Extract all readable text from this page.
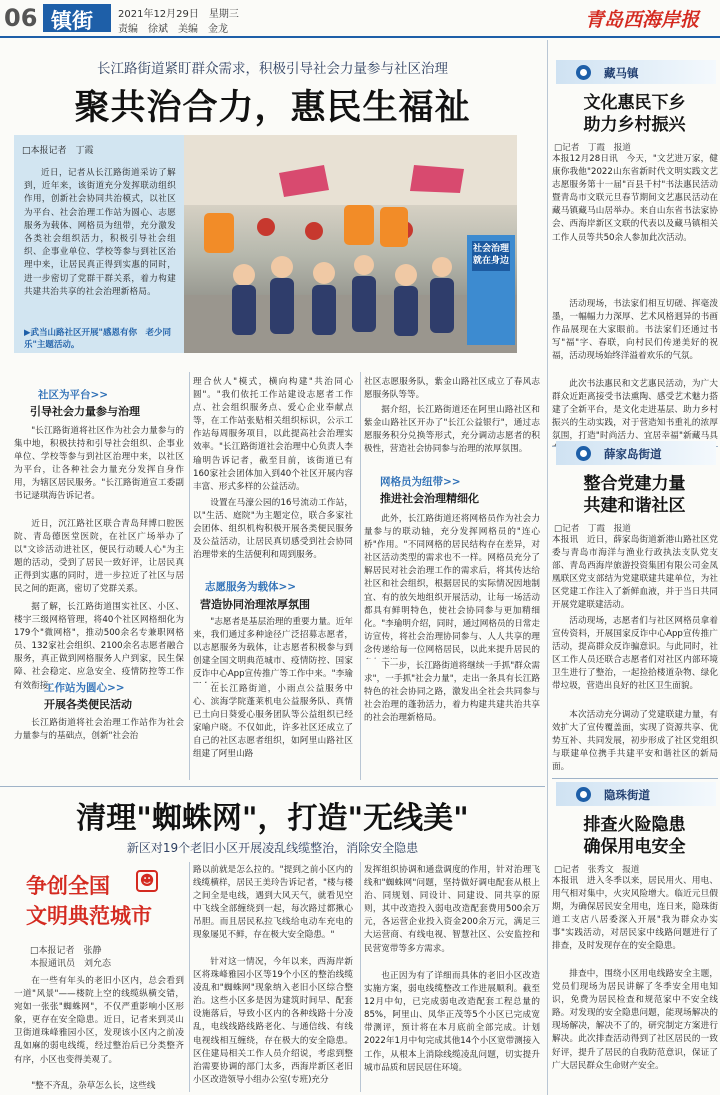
06 镇街	2021年12月29日　 星期三
责编　徐斌　美编　金龙	青岛西海岸报
长江路街道紧盯群众需求，积极引导社会力量参与社区治理
聚共治合力，惠民生福祉
□本报记者　丁霞

近日，记者从长江路街道采访了解到，近年来，该街道充分发挥联动组织作用，创新社会协同共治模式，以社区为平台、社会治理工作站为圆心、志愿服务为载体、网格员为纽带，充分激发各类社会组织活力，积极引导社会组织、企事业单位、学校等参与到社区治理中来，让居民真正得到实惠的同时，进一步密切了党群干群关系，着力构建共建共治共享的社会治理新格局。

▶武当山路社区开展"感恩有你　老少同乐"主题活动。

社会治理就在身边
社区为平台>>
引导社会力量参与治理

"长江路街道将社区作为社会力量参与的集中地，积极扶持和引导社会组织、企事业单位、学校等参与到社区治理中来，以社区为平台，让各种社会力量充分发挥自身作用，为辖区居民服务。"长江路街道宣工委副书记逯琪海告诉记者。

近日，沉江路社区联合青岛拜博口腔医院、青岛德医堂医院，在社区广场举办了以"文诊活动进社区，便民行动暖人心"为主题的活动，受到了居民一致好评，让居民真正得到实惠的同时，进一步拉近了社区与居民之间的距离，密切了党群关系。

据了解，长江路街道围实社区、小区、楼宇三级网格管理，将40个社区网格细化为179个"微网格"，推动500余名专兼职网格员、132家社会组织、2100余名志愿者融合服务，真正做到网格服务人户到家，民生保障、社会稳定、应急安全、疫情防控等工作有效衔接。

工作站为圆心>>
开展各类便民活动

长江路街道将社会治理工作站作为社会力量参与的基础点，创新"社会治

理合伙人"模式，横向构建"共治同心圆"。"我们依托工作站建设志愿者工作点、社会组织服务点、爱心企业奉献点等，在工作站张贴相关组织标识，公示工作站每周服务项目，以此提高社会治理实效率。"长江路街道社会治理中心负责人李瑜明告诉记者，截至目前，该街道已有160家社会团体加入到40个社区开展内容丰富、形式多样的公益活动。

设置在马濠公园的16号流动工作站，以"生活、庭院"为主题定位，联合多家社会团体、组织机构积极开展各类便民服务及公益活动，让居民真切感受到社会协同治理带来的生活便利和周到服务。

志愿服务为载体>>
营造协同治理浓厚氛围

"志愿者是基层治理的重要力量。近年来，我们通过多种途径广泛招募志愿者，以志愿服务为载体，让志愿者积极参与到创建全国文明典范城市、疫情防控、国家反诈中心App宣传推广等工作中来。"李瑜

在长江路街道，小雨点公益服务中心、滨海学院蓬莱机电公益服务队、真情已土向日葵爱心服务团队等公益组织已经家喻户晓。不仅如此，许多社区还成立了自己的社区志愿者组织，如阿里山路社区组建了阿里山路

社区志愿服务队，紫金山路社区成立了春风志愿服务队等等。

据介绍，长江路街道还在阿里山路社区和紫金山路社区开办了"长江公益银行"，通过志愿服务积分兑换等形式，充分调动志愿者的积极性，营造社会协同参与治理的浓厚氛围。

网格员为纽带>>
推进社会治理精细化

此外，长江路街道还将网格员作为社会力量参与的联动轴，充分发挥网格员的"连心桥"作用。"不同网格的居民结构存在差异，对社区活动类型的需求也不一样。网格员充分了解居民对社会治理工作的需求后，将其传达给社区和社会组织，根据居民的实际情况因地制宜、有的放矢地组织开展活动，让每一场活动都具有鲜明特色，使社会协同参与更加精细化。"李瑜明介绍，同时，通过网格员的日常走访宣传，将社会治理协同参与、人人共享的理念传递给每一位网格居民，以此来提升居民的

下一步，长江路街道将继续一手抓"群众需求"，一手抓"社会力量"，走出一条具有长江路特色的社会协同之路，激发出全社会共同参与社会治理的蓬勃活力，着力构建共建共治共享的社会治理新格局。

清理"蜘蛛网"，打造"无线美"
新区对19个老旧小区开展凌乱线缆整治，消除安全隐患
争创全国 ☻
文明典范城市
□本报记者　张静
本报通讯员　刘允态

在一些有年头的老旧小区内，总会看到一道"风景"——楼院上空的线缆纵横交错，宛如一张张"蜘蛛网"，不仅严重影响小区形象，更存在安全隐患。近日，记者来到灵山卫街道珠峰雅园小区，发现该小区内之前凌乱如麻的弱电线缆，经过整治后已分类整齐有序，小区也变得美观了。

"整不齐乱，杂草怎么长，这些线

路以前就是怎么拉的。"提到之前小区内的线缆横样，居民王美玲告诉记者，"楼与楼之间全是电线，遇到大风天气，就看见空中飞线全部缠绕到一起，每次路过都揪心吊胆。而且居民私拉飞线给电动车充电的现象屡见不鲜，存在极大安全隐患。"

针对这一情况，今年以来，西海岸新区将珠峰雅园小区等19个小区的整治线缆凌乱和"蜘蛛网"现象纳入老旧小区综合整治。这些小区多是因为建筑时间早、配套设施落后，导致小区内的各种线路十分凌乱，电线线路线路老化、与通信线、有线电视线相互缠绕，存在极大的安全隐患。区住建局相关工作人员介绍说，考虑到整治需要协调的部门太多，西海岸新区老旧小区改造领导小组办公室(专班)充分

发挥组织协调和通盘调度的作用，针对治理飞线和"蜘蛛网"问题，坚持做好调电配套从根上治、同规划、同设计、同建设、同共享的原则，其中改造投入弱电改造配套费用500余万元，各运营企业投入资金200余万元，满足三大运营商、有线电视、智慧社区、公安监控和民营宽带等多方需求。

也正因为有了详细而具体的老旧小区改造实施方案，弱电线缆整改工作进展顺利。截至12月中旬，已完成弱电改造配套工程总量的85%，阿里山、凤华正茂等5个小区已完成宽带测评，预计将在本月底前全部完成。计划2022年1月中旬完成其他14个小区宽带测接入工作，从根本上消除线缆凌乱问题，切实提升城市品质和居民居住环境。

藏马镇
文化惠民下乡
助力乡村振兴
□记者　丁霞　报道

本报12月28日讯　今天，"文艺进万家，健康你我他"2022山东省新时代文明实践文艺志愿服务第十一届"百县千村"书法惠民活动暨青岛市文联元旦春节期间文艺惠民活动在藏马镇藏马山居举办。来自山东省书法家协会、西海岸新区文联的代表以及藏马镇相关工作人员等共50余人参加此次活动。

活动现场，书法家们相互切磋、挥毫泼墨，一幅幅力力深厚、艺术风格迥异的书画作品展现在大家眼前。书法家们还通过书写"福"字、春联，向村民们传递美好的祝福，活动现场始终洋溢着欢乐的气氛。

此次书法惠民和文艺惠民活动，为广大群众近距离接受书法熏陶、感受艺术魅力搭建了全新平台，是文化走进基层、助力乡村振兴的生动实践，对于营造知书重礼的浓厚氛围，打造"时尚活力、宜居幸福"新藏马具

薛家岛街道
整合党建力量
共建和谐社区
□记者　丁霞　报道

本报讯　近日，薛家岛街道新港山路社区党委与青岛市海洋与渔业行政执法支队党支部、青岛西海岸旅游投资集团有限公司金凤凰联区党支部结为党建联建共建单位，为社区党建工作注入了新鲜血液，并于当日共同开展党建联建活动。

活动现场，志愿者们与社区网格员拿着宣传资料，开展国家反诈中心App宣传推广活动，提高群众反诈骗意识。与此同时，社区工作人员还联合志愿者们对社区内部环境卫生进行了整治，一起捡拾楼道杂物、绿化带垃圾，营造出良好的社区卫生面貌。

本次活动充分调动了党建联建力量，有效扩大了宣传覆盖面，实现了资源共享、优势互补、共同发展，初步形成了社区党组织与联建单位携手共建平安和谐社区的新局面。

隐珠街道
排查火险隐患
确保用电安全
□记者　张秀文　报道

本报讯　进入冬季以来，居民用火、用电、用气相对集中，火灾风险增大。临近元旦假期，为确保居民安全用电，连日来，隐珠街道工支店八居委深入开展"我为群众办实事"实践活动，对居民家中线路问题进行了排查，及时发现存在的安全隐患。

排查中，围绕小区用电线路安全主题，党员们现场为居民讲解了冬季安全用电知识，免费为居民检查和规范家中不安全线路。对发现的安全隐患问题，能现场解决的现场解决，解决不了的，研究制定方案进行解决。此次排查活动得到了社区居民的一致好评，提升了居民的自我防范意识，保证了广大居民群众生命财产安全。
